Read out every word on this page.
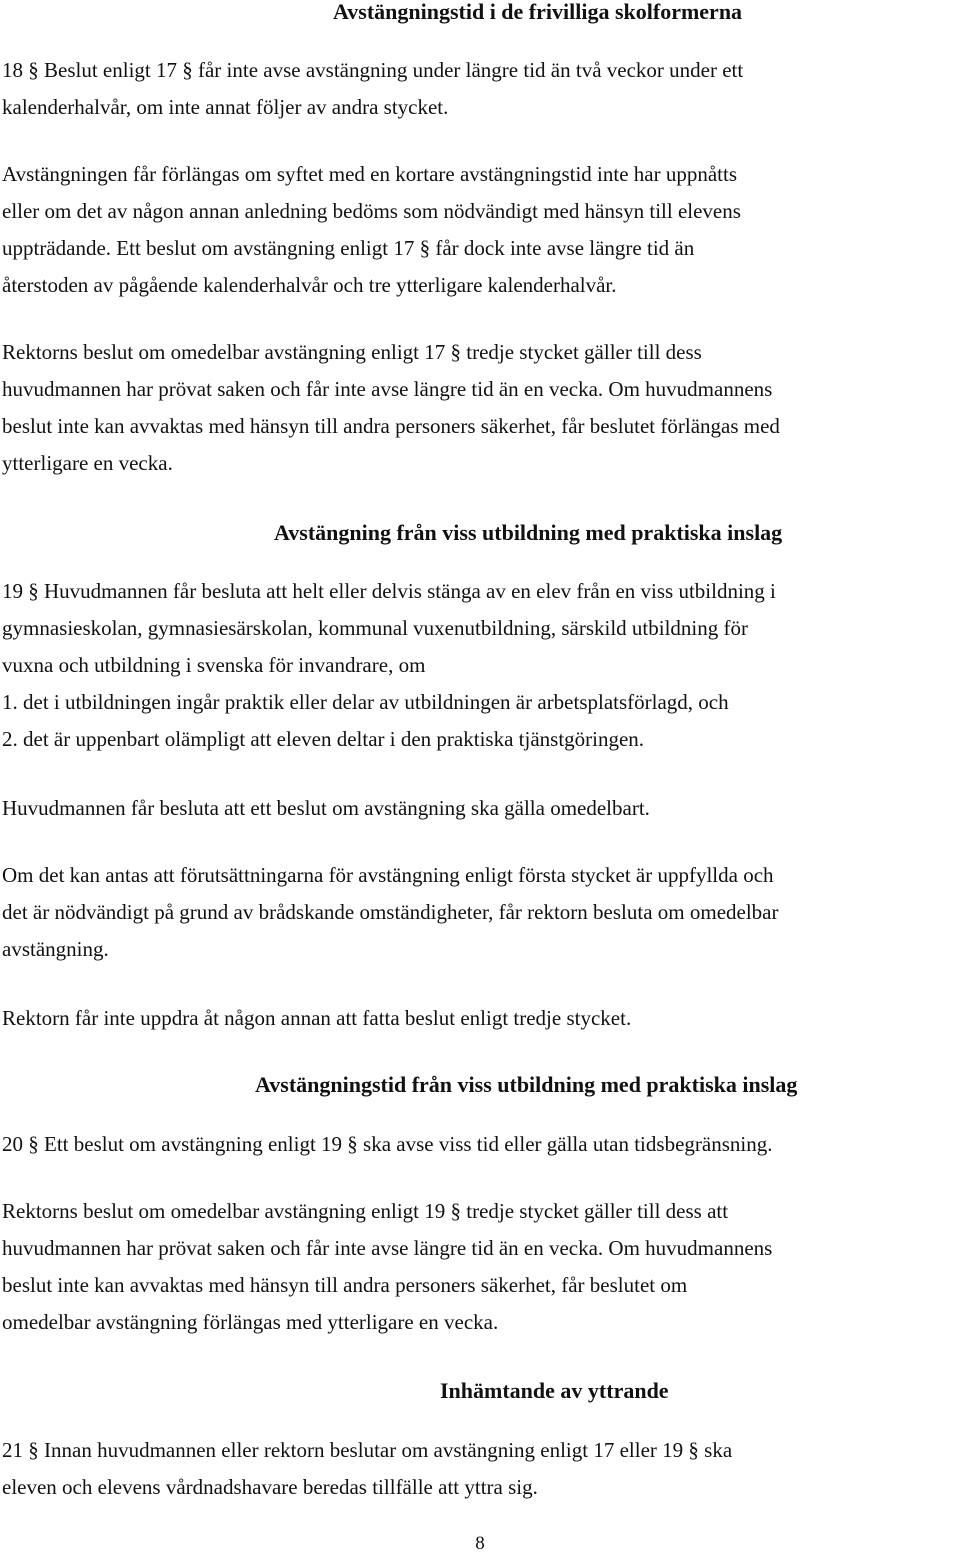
Avstängningstid i de frivilliga skolformerna

18 § Beslut enligt 17 § får inte avse avstängning under längre tid än två veckor under ett
kalenderhalvår, om inte annat följer av andra stycket.

Avstängningen får förlängas om syftet med en kortare avstängningstid inte har uppnåtts
eller om det av någon annan anledning bedöms som nödvändigt med hänsyn till elevens
uppträdande. Ett beslut om avstängning enligt 17 § får dock inte avse längre tid än
återstoden av pågående kalenderhalvår och tre ytterligare kalenderhalvår.

Rektorns beslut om omedelbar avstängning enligt 17 § tredje stycket gäller till dess
huvudmannen har prövat saken och får inte avse längre tid än en vecka. Om huvudmannens
beslut inte kan avvaktas med hänsyn till andra personers säkerhet, får beslutet förlängas med
ytterligare en vecka.

Avstängning från viss utbildning med praktiska inslag

19 § Huvudmannen får besluta att helt eller delvis stänga av en elev från en viss utbildning i
gymnasieskolan, gymnasiesärskolan, kommunal vuxenutbildning, särskild utbildning för
vuxna och utbildning i svenska för invandrare, om
1. det i utbildningen ingår praktik eller delar av utbildningen är arbetsplatsförlagd, och
2. det är uppenbart olämpligt att eleven deltar i den praktiska tjänstgöringen.

Huvudmannen får besluta att ett beslut om avstängning ska gälla omedelbart.

Om det kan antas att förutsättningarna för avstängning enligt första stycket är uppfyllda och
det är nödvändigt på grund av brådskande omständigheter, får rektorn besluta om omedelbar
avstängning.

Rektorn får inte uppdra åt någon annan att fatta beslut enligt tredje stycket.

Avstängningstid från viss utbildning med praktiska inslag

20 § Ett beslut om avstängning enligt 19 § ska avse viss tid eller gälla utan tidsbegränsning.

Rektorns beslut om omedelbar avstängning enligt 19 § tredje stycket gäller till dess att
huvudmannen har prövat saken och får inte avse längre tid än en vecka. Om huvudmannens
beslut inte kan avvaktas med hänsyn till andra personers säkerhet, får beslutet om
omedelbar avstängning förlängas med ytterligare en vecka.

Inhämtande av yttrande

21 § Innan huvudmannen eller rektorn beslutar om avstängning enligt 17 eller 19 § ska
eleven och elevens vårdnadshavare beredas tillfälle att yttra sig.

8
